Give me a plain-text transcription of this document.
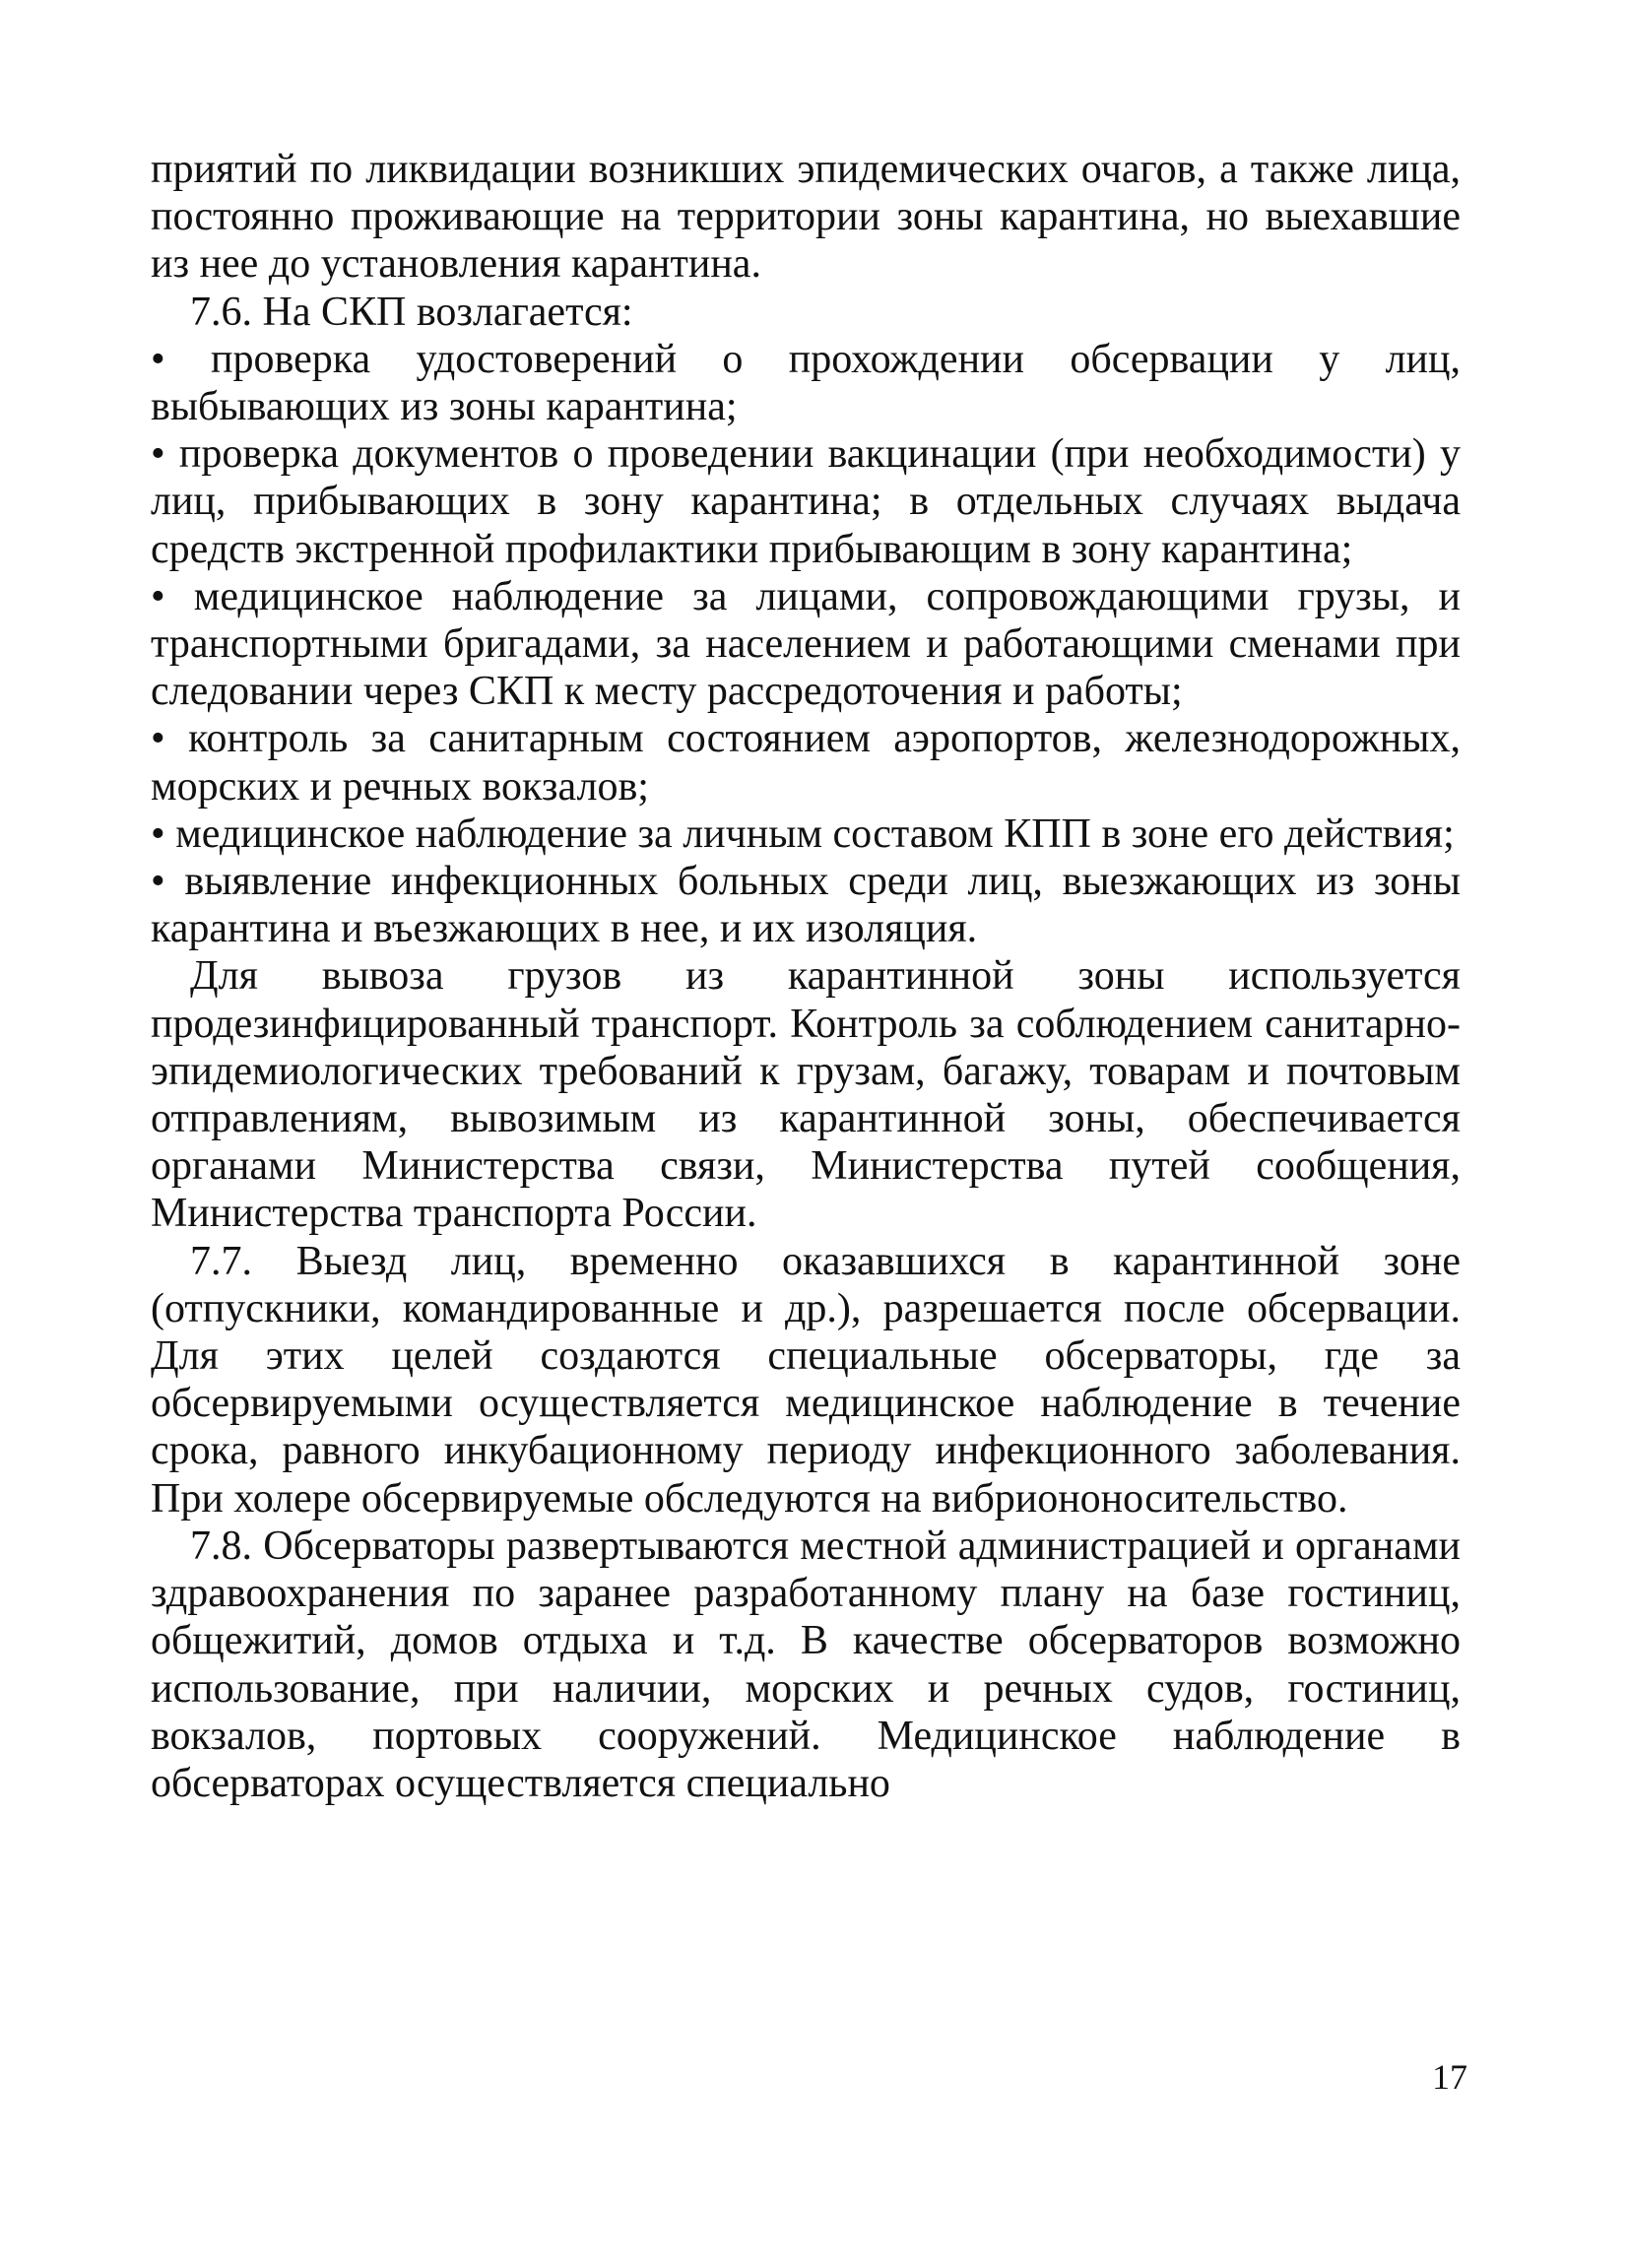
приятий по ликвидации возникших эпидемических очагов, а также лица, постоянно проживающие на территории зоны карантина, но выехавшие из нее до установления карантина.

7.6. На СКП возлагается:

• проверка удостоверений о прохождении обсервации у лиц, выбывающих из зоны карантина;

• проверка документов о проведении вакцинации (при необходимости) у лиц, прибывающих в зону карантина; в отдельных случаях выдача средств экстренной профилактики прибывающим в зону карантина;

• медицинское наблюдение за лицами, сопровождающими грузы, и транспортными бригадами, за населением и работающими сменами при следовании через СКП к месту рассредоточения и работы;

• контроль за санитарным состоянием аэропортов, железнодорожных, морских и речных вокзалов;

• медицинское наблюдение за личным составом КПП в зоне его действия;

• выявление инфекционных больных среди лиц, выезжающих из зоны карантина и въезжающих в нее, и их изоляция.

Для вывоза грузов из карантинной зоны используется продезинфицированный транспорт. Контроль за соблюдением санитарно-эпидемиологических требований к грузам, багажу, товарам и почтовым отправлениям, вывозимым из карантинной зоны, обеспечивается органами Министерства связи, Министерства путей сообщения, Министерства транспорта России.

7.7. Выезд лиц, временно оказавшихся в карантинной зоне (отпускники, командированные и др.), разрешается после обсервации. Для этих целей создаются специальные обсерваторы, где за обсервируемыми осуществляется медицинское наблюдение в течение срока, равного инкубационному периоду инфекционного заболевания. При холере обсервируемые обследуются на вибриононосительство.

7.8. Обсерваторы развертываются местной администрацией и органами здравоохранения по заранее разработанному плану на базе гостиниц, общежитий, домов отдыха и т.д. В качестве обсерваторов возможно использование, при наличии, морских и речных судов, гостиниц, вокзалов, портовых сооружений. Медицинское наблюдение в обсерваторах осуществляется специально

17
